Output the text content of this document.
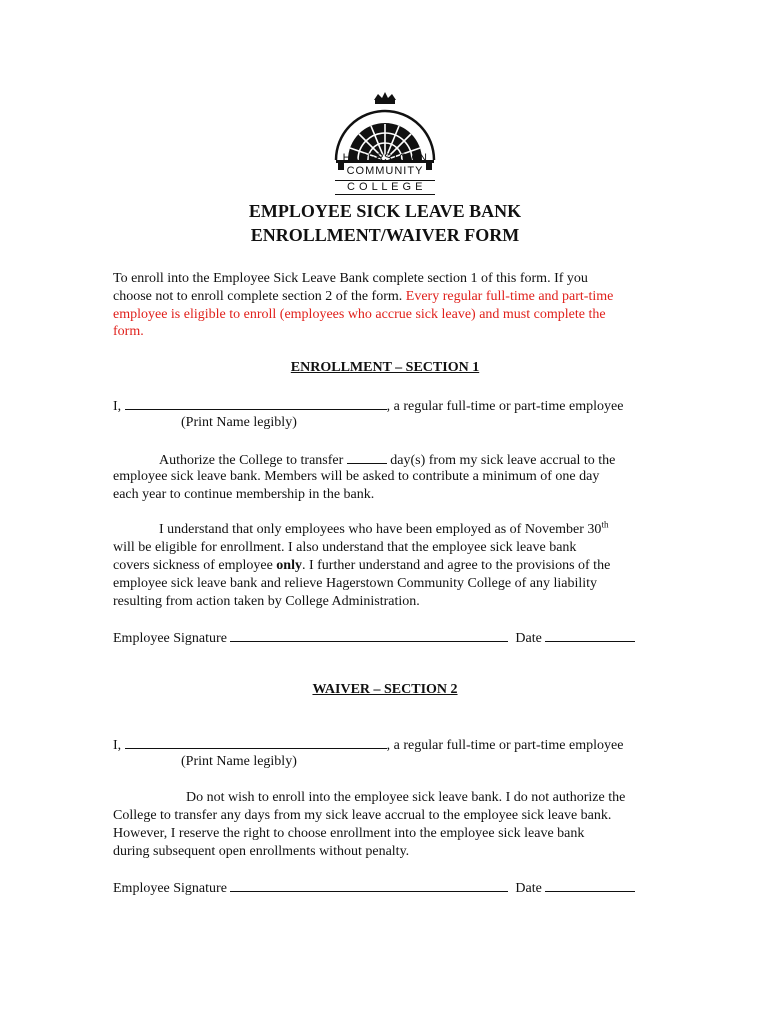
HAGERSTOWN
COMMUNITY
C O L L E G E
EMPLOYEE SICK LEAVE BANK
ENROLLMENT/WAIVER FORM
To enroll into the Employee Sick Leave Bank complete section 1 of this form. If you
choose not to enroll complete section 2 of the form. Every regular full-time and part-time
employee is eligible to enroll (employees who accrue sick leave) and must complete the
form.
ENROLLMENT – SECTION 1
I,	, a regular full-time or part-time employee
(Print Name legibly)
Authorize the College to transfer	day(s) from my sick leave accrual to the
employee sick leave bank. Members will be asked to contribute a minimum of one day
each year to continue membership in the bank.
I understand that only employees who have been employed as of November 30th
will be eligible for enrollment. I also understand that the employee sick leave bank
covers sickness of employee only. I further understand and agree to the provisions of the
employee sick leave bank and relieve Hagerstown Community College of any liability
resulting from action taken by College Administration.
Employee Signature	Date
WAIVER – SECTION 2
I,	, a regular full-time or part-time employee
(Print Name legibly)
Do not wish to enroll into the employee sick leave bank. I do not authorize the
College to transfer any days from my sick leave accrual to the employee sick leave bank.
However, I reserve the right to choose enrollment into the employee sick leave bank
during subsequent open enrollments without penalty.
Employee Signature	Date
